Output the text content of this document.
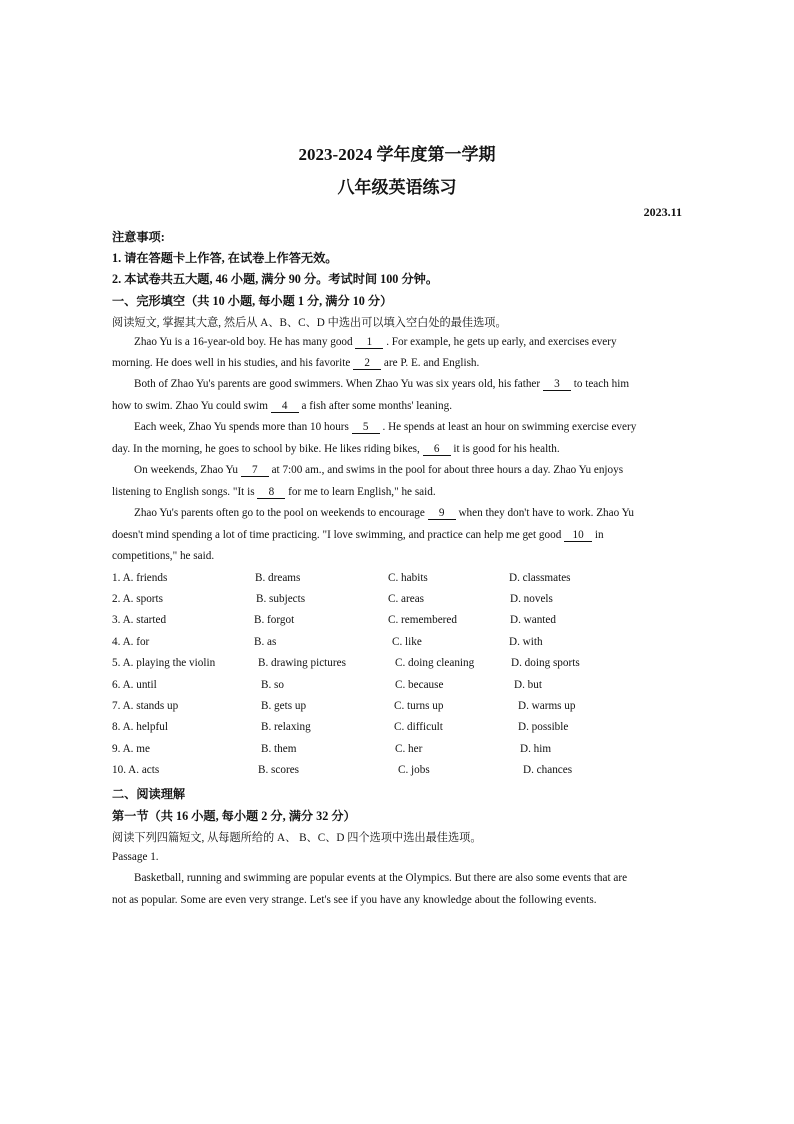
2023-2024 学年度第一学期
八年级英语练习
2023.11
注意事项:
1. 请在答题卡上作答, 在试卷上作答无效。
2. 本试卷共五大题, 46 小题, 满分 90 分。考试时间 100 分钟。
一、完形填空（共 10 小题, 每小题 1 分, 满分 10 分）
阅读短文, 掌握其大意, 然后从 A、B、C、D 中选出可以填入空白处的最佳选项。
Zhao Yu is a 16-year-old boy. He has many good 1 . For example, he gets up early, and exercises every
morning. He does well in his studies, and his favorite 2 are P. E. and English.
Both of Zhao Yu's parents are good swimmers. When Zhao Yu was six years old, his father 3 to teach him
how to swim. Zhao Yu could swim 4 a fish after some months' leaning.
Each week, Zhao Yu spends more than 10 hours 5 . He spends at least an hour on swimming exercise every
day. In the morning, he goes to school by bike. He likes riding bikes, 6 it is good for his health.
On weekends, Zhao Yu 7 at 7:00 am., and swims in the pool for about three hours a day. Zhao Yu enjoys
listening to English songs. "It is 8 for me to learn English," he said.
Zhao Yu's parents often go to the pool on weekends to encourage 9 when they don't have to work. Zhao Yu
doesn't mind spending a lot of time practicing. "I love swimming, and practice can help me get good 10 in
competitions," he said.
1. A. friends	B. dreams	C. habits	D. classmates
2. A. sports	B. subjects	C. areas	D. novels
3. A. started	B. forgot	C. remembered	D. wanted
4. A. for	B. as	C. like	D. with
5. A. playing the violin	B. drawing pictures	C. doing cleaning	D. doing sports
6. A. until	B. so	C. because	D. but
7. A. stands up	B. gets up	C. turns up	D. warms up
8. A. helpful	B. relaxing	C. difficult	D. possible
9. A. me	B. them	C. her	D. him
10. A. acts	B. scores	C. jobs	D. chances
二、阅读理解
第一节（共 16 小题, 每小题 2 分, 满分 32 分）
阅读下列四篇短文, 从每题所给的 A、 B、C、D 四个选项中选出最佳选项。
Passage 1.
Basketball, running and swimming are popular events at the Olympics. But there are also some events that are
not as popular. Some are even very strange. Let's see if you have any knowledge about the following events.
